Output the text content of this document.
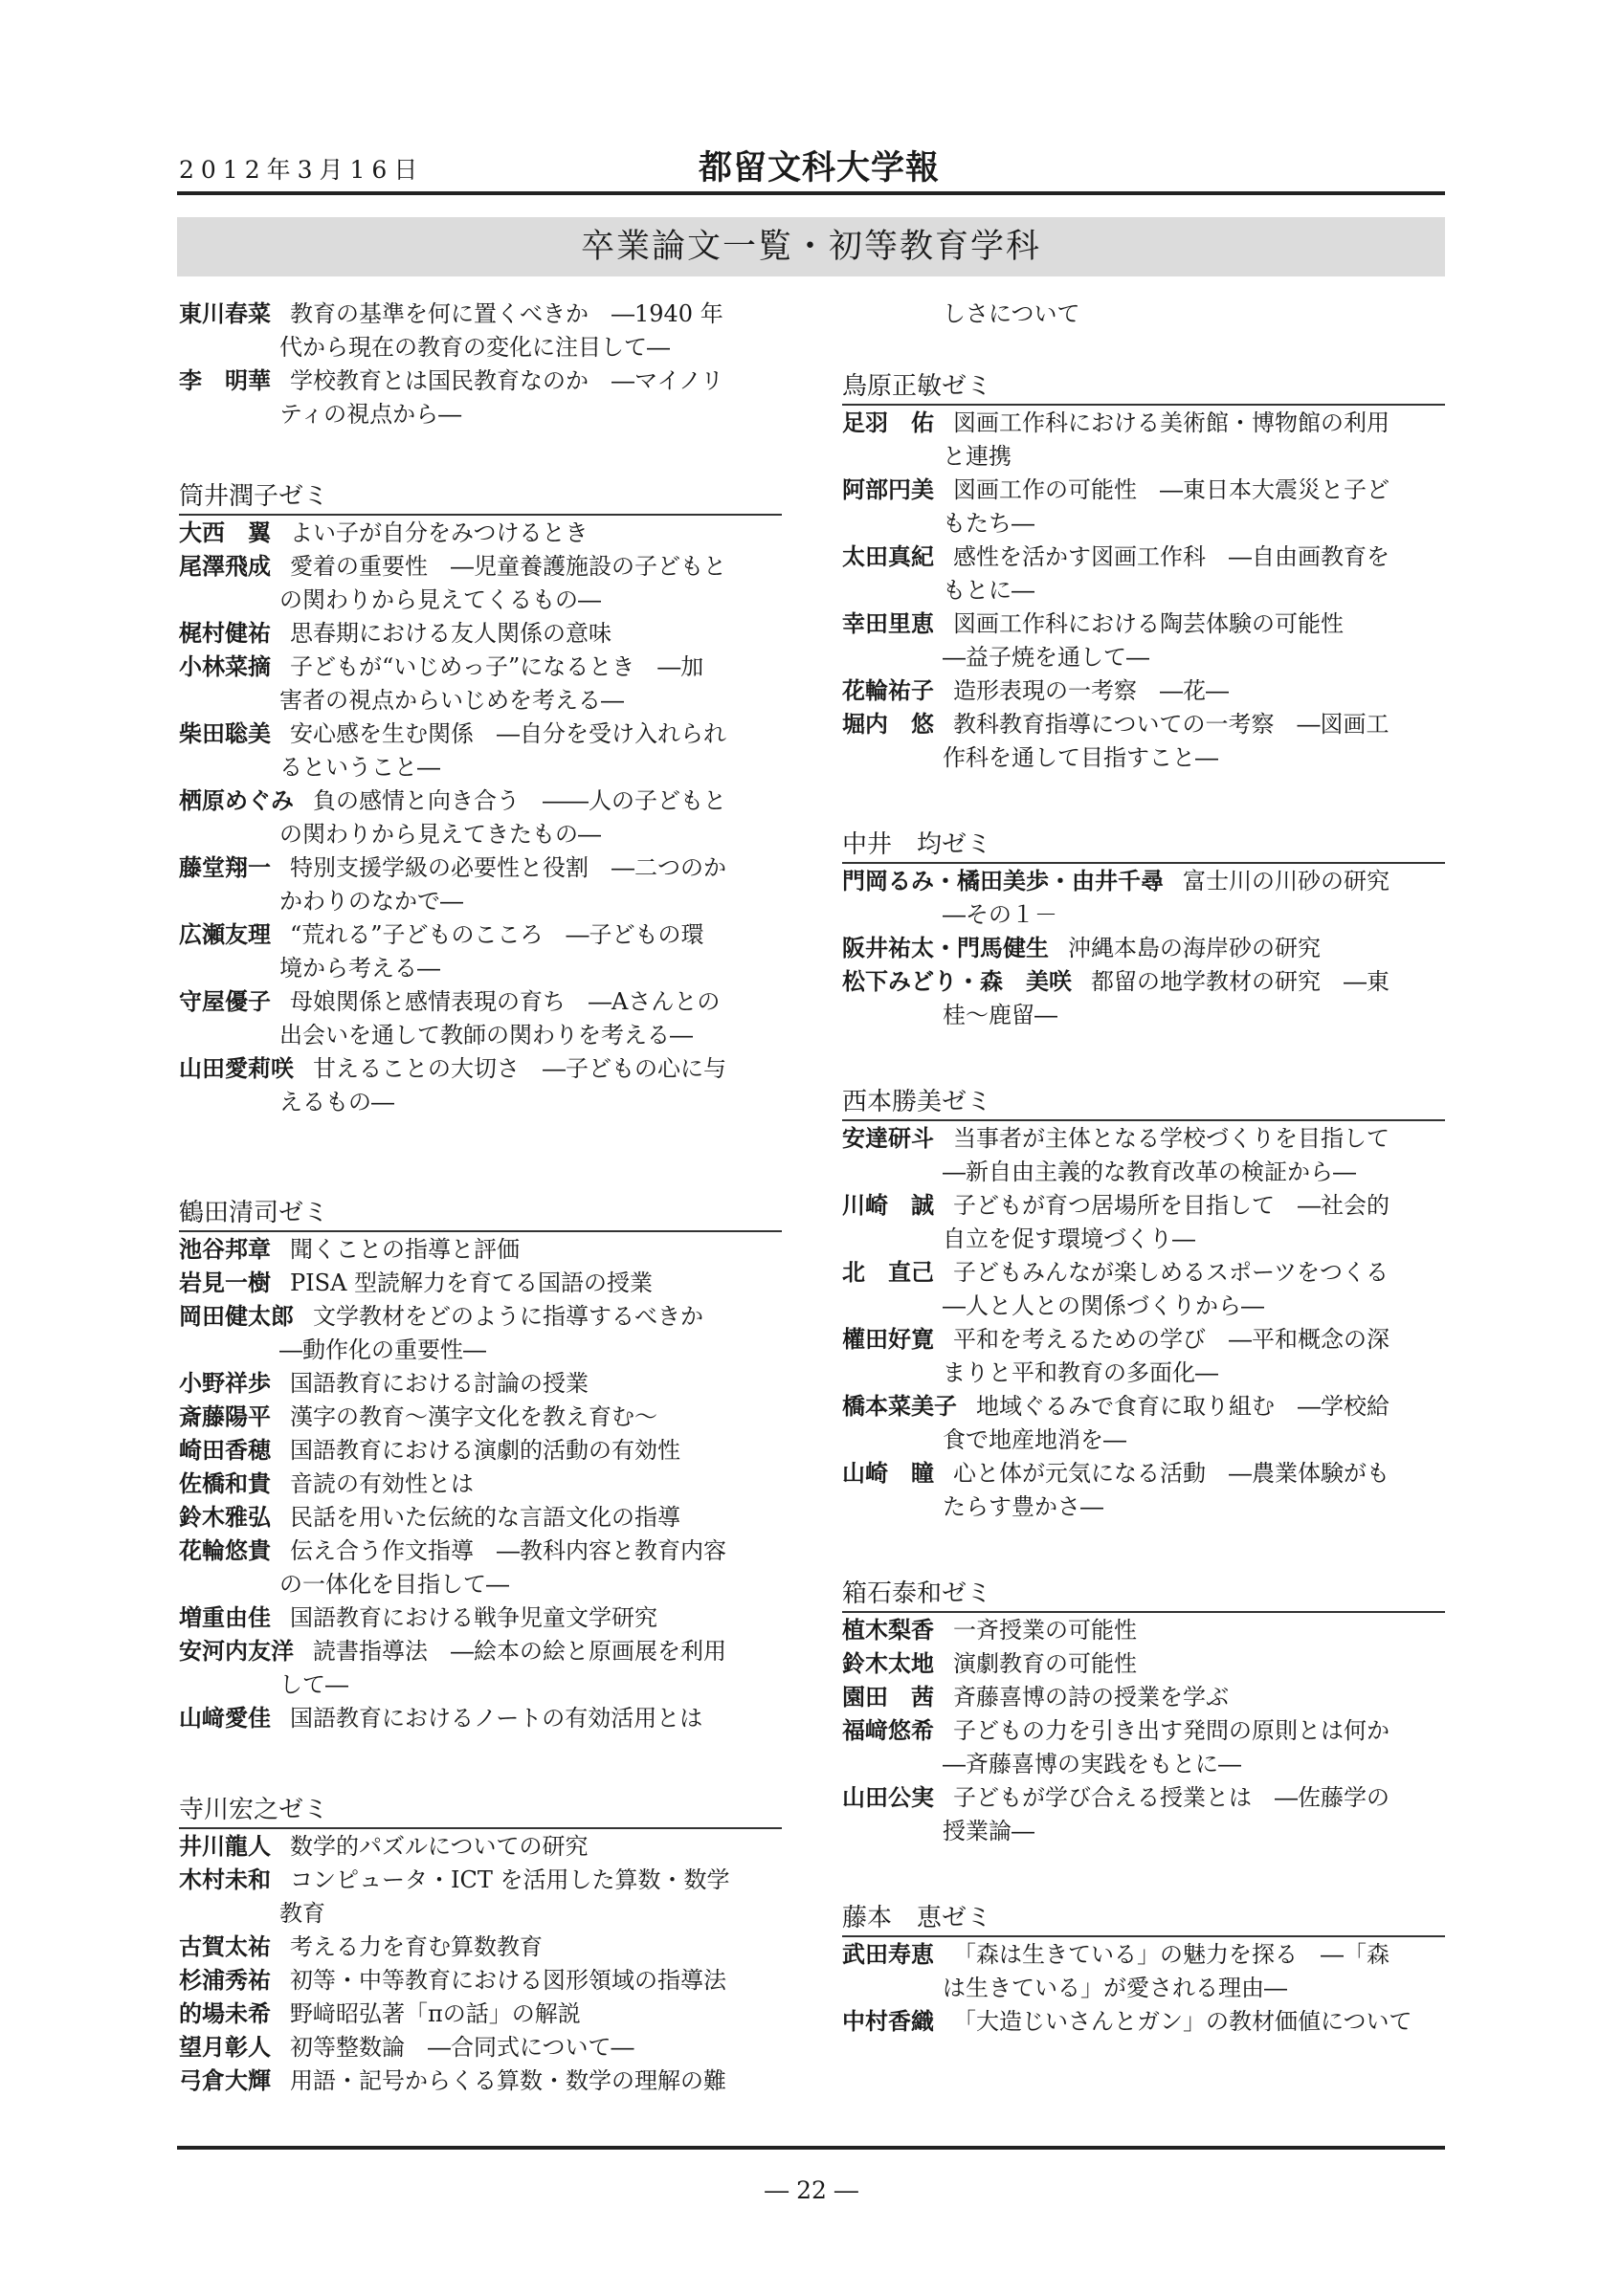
2012年3月16日	都留文科大学報
卒業論文一覧・初等教育学科
東川春菜 教育の基準を何に置くべきか　―1940 年
代から現在の教育の変化に注目して―
李　明華 学校教育とは国民教育なのか　―マイノリ
ティの視点から―
筒井潤子ゼミ
大西　翼 よい子が自分をみつけるとき
尾澤飛成 愛着の重要性　―児童養護施設の子どもと
の関わりから見えてくるもの―
梶村健祐 思春期における友人関係の意味
小林菜摘 子どもが“いじめっ子”になるとき　―加
害者の視点からいじめを考える―
柴田聡美 安心感を生む関係　―自分を受け入れられ
るということ―
栖原めぐみ 負の感情と向き合う　――人の子どもと
の関わりから見えてきたもの―
藤堂翔一 特別支援学級の必要性と役割　―二つのか
かわりのなかで―
広瀬友理 “荒れる”子どものこころ　―子どもの環
境から考える―
守屋優子 母娘関係と感情表現の育ち　―Aさんとの
出会いを通して教師の関わりを考える―
山田愛莉咲 甘えることの大切さ　―子どもの心に与
えるもの―
鶴田清司ゼミ
池谷邦章 聞くことの指導と評価
岩見一樹 PISA 型読解力を育てる国語の授業
岡田健太郎 文学教材をどのように指導するべきか
―動作化の重要性―
小野祥歩 国語教育における討論の授業
斎藤陽平 漢字の教育～漢字文化を教え育む～
崎田香穂 国語教育における演劇的活動の有効性
佐橋和貴 音読の有効性とは
鈴木雅弘 民話を用いた伝統的な言語文化の指導
花輪悠貴 伝え合う作文指導　―教科内容と教育内容
の一体化を目指して―
増重由佳 国語教育における戦争児童文学研究
安河内友洋 読書指導法　―絵本の絵と原画展を利用
して―
山﨑愛佳 国語教育におけるノートの有効活用とは
寺川宏之ゼミ
井川龍人 数学的パズルについての研究
木村未和 コンピュータ・ICT を活用した算数・数学
教育
古賀太祐 考える力を育む算数教育
杉浦秀祐 初等・中等教育における図形領域の指導法
的場未希 野﨑昭弘著「πの話」の解説
望月彰人 初等整数論　―合同式について―
弓倉大輝 用語・記号からくる算数・数学の理解の難
しさについて
鳥原正敏ゼミ
足羽　佑 図画工作科における美術館・博物館の利用
と連携
阿部円美 図画工作の可能性　―東日本大震災と子ど
もたち―
太田真紀 感性を活かす図画工作科　―自由画教育を
もとに―
幸田里恵 図画工作科における陶芸体験の可能性
―益子焼を通して―
花輪祐子 造形表現の一考察　―花―
堀内　悠 教科教育指導についての一考察　―図画工
作科を通して目指すこと―
中井　均ゼミ
門岡るみ・橘田美歩・由井千尋 富士川の川砂の研究
―その１－
阪井祐太・門馬健生 沖縄本島の海岸砂の研究
松下みどり・森　美咲 都留の地学教材の研究　―東
桂～鹿留―
西本勝美ゼミ
安達研斗 当事者が主体となる学校づくりを目指して
―新自由主義的な教育改革の検証から―
川崎　誠 子どもが育つ居場所を目指して　―社会的
自立を促す環境づくり―
北　直己 子どもみんなが楽しめるスポーツをつくる
―人と人との関係づくりから―
權田好寛 平和を考えるための学び　―平和概念の深
まりと平和教育の多面化―
橋本菜美子 地域ぐるみで食育に取り組む　―学校給
食で地産地消を―
山崎　瞳 心と体が元気になる活動　―農業体験がも
たらす豊かさ―
箱石泰和ゼミ
植木梨香 一斉授業の可能性
鈴木太地 演劇教育の可能性
園田　茜 斉藤喜博の詩の授業を学ぶ
福﨑悠希 子どもの力を引き出す発問の原則とは何か
―斉藤喜博の実践をもとに―
山田公実 子どもが学び合える授業とは　―佐藤学の
授業論―
藤本　恵ゼミ
武田寿恵 「森は生きている」の魅力を探る　―「森
は生きている」が愛される理由―
中村香織 「大造じいさんとガン」の教材価値について
― 22 ―
